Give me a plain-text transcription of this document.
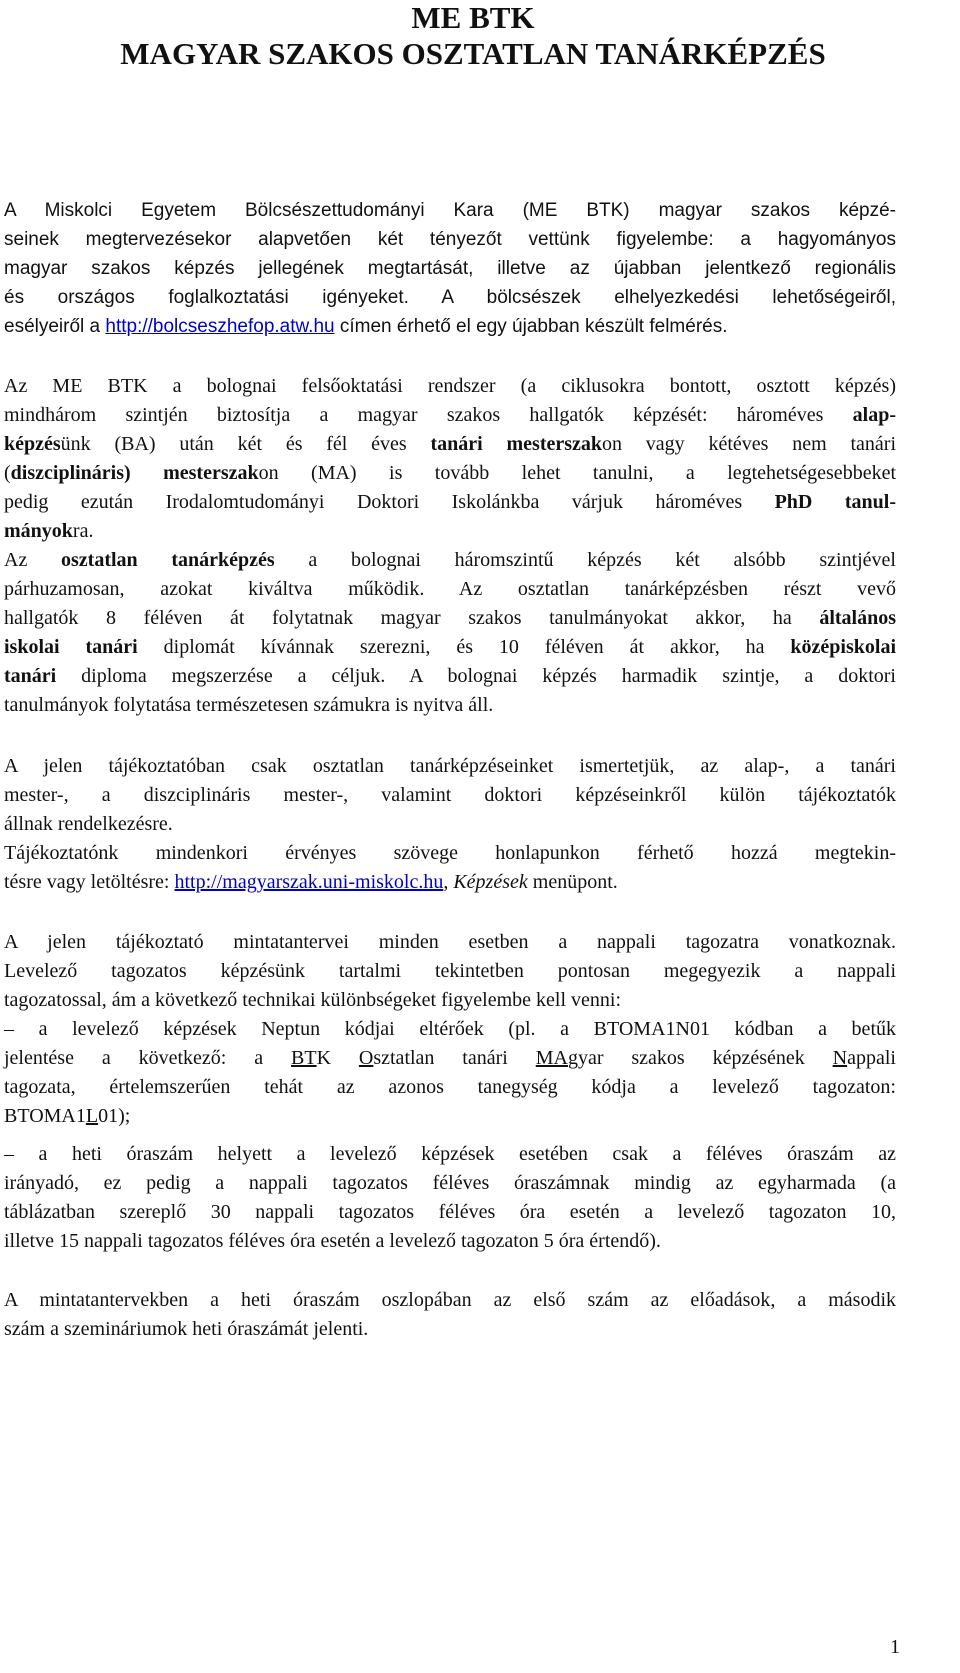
ME BTK
MAGYAR SZAKOS OSZTATLAN TANÁRKÉPZÉS
A Miskolci Egyetem Bölcsészettudományi Kara (ME BTK) magyar szakos képzé-
seinek megtervezésekor alapvetően két tényezőt vettünk figyelembe: a hagyományos
magyar szakos képzés jellegének megtartását, illetve az újabban jelentkező regionális
és országos foglalkoztatási igényeket. A bölcsészek elhelyezkedési lehetőségeiről,
esélyeiről a http://bolcseszhefop.atw.hu címen érhető el egy újabban készült felmérés.
Az ME BTK a bolognai felsőoktatási rendszer (a ciklusokra bontott, osztott képzés)
mindhárom szintjén biztosítja a magyar szakos hallgatók képzését: hároméves alap-
képzésünk (BA) után két és fél éves tanári mesterszakon vagy kétéves nem tanári
(diszciplináris) mesterszakon (MA) is tovább lehet tanulni, a legtehetségesebbeket
pedig ezután Irodalomtudományi Doktori Iskolánkba várjuk hároméves PhD tanul-
mányokra.
Az osztatlan tanárképzés a bolognai háromszintű képzés két alsóbb szintjével
párhuzamosan, azokat kiváltva működik. Az osztatlan tanárképzésben részt vevő
hallgatók 8 féléven át folytatnak magyar szakos tanulmányokat akkor, ha általános
iskolai tanári diplomát kívánnak szerezni, és 10 féléven át akkor, ha középiskolai
tanári diploma megszerzése a céljuk. A bolognai képzés harmadik szintje, a doktori
tanulmányok folytatása természetesen számukra is nyitva áll.
A jelen tájékoztatóban csak osztatlan tanárképzéseinket ismertetjük, az alap-, a tanári
mester-, a diszciplináris mester-, valamint doktori képzéseinkről külön tájékoztatók
állnak rendelkezésre.
Tájékoztatónk mindenkori érvényes szövege honlapunkon férhető hozzá megtekin-
tésre vagy letöltésre: http://magyarszak.uni-miskolc.hu, Képzések menüpont.
A jelen tájékoztató mintatantervei minden esetben a nappali tagozatra vonatkoznak.
Levelező tagozatos képzésünk tartalmi tekintetben pontosan megegyezik a nappali
tagozatossal, ám a következő technikai különbségeket figyelembe kell venni:
– a levelező képzések Neptun kódjai eltérőek (pl. a BTOMA1N01 kódban a betűk
jelentése a következő: a BTK Osztatlan tanári MAgyar szakos képzésének Nappali
tagozata, értelemszerűen tehát az azonos tanegység kódja a levelező tagozaton:
BTOMA1L01);
– a heti óraszám helyett a levelező képzések esetében csak a féléves óraszám az
irányadó, ez pedig a nappali tagozatos féléves óraszámnak mindig az egyharmada (a
táblázatban szereplő 30 nappali tagozatos féléves óra esetén a levelező tagozaton 10,
illetve 15 nappali tagozatos féléves óra esetén a levelező tagozaton 5 óra értendő).
A mintatantervekben a heti óraszám oszlopában az első szám az előadások, a második
szám a szemináriumok heti óraszámát jelenti.
1
